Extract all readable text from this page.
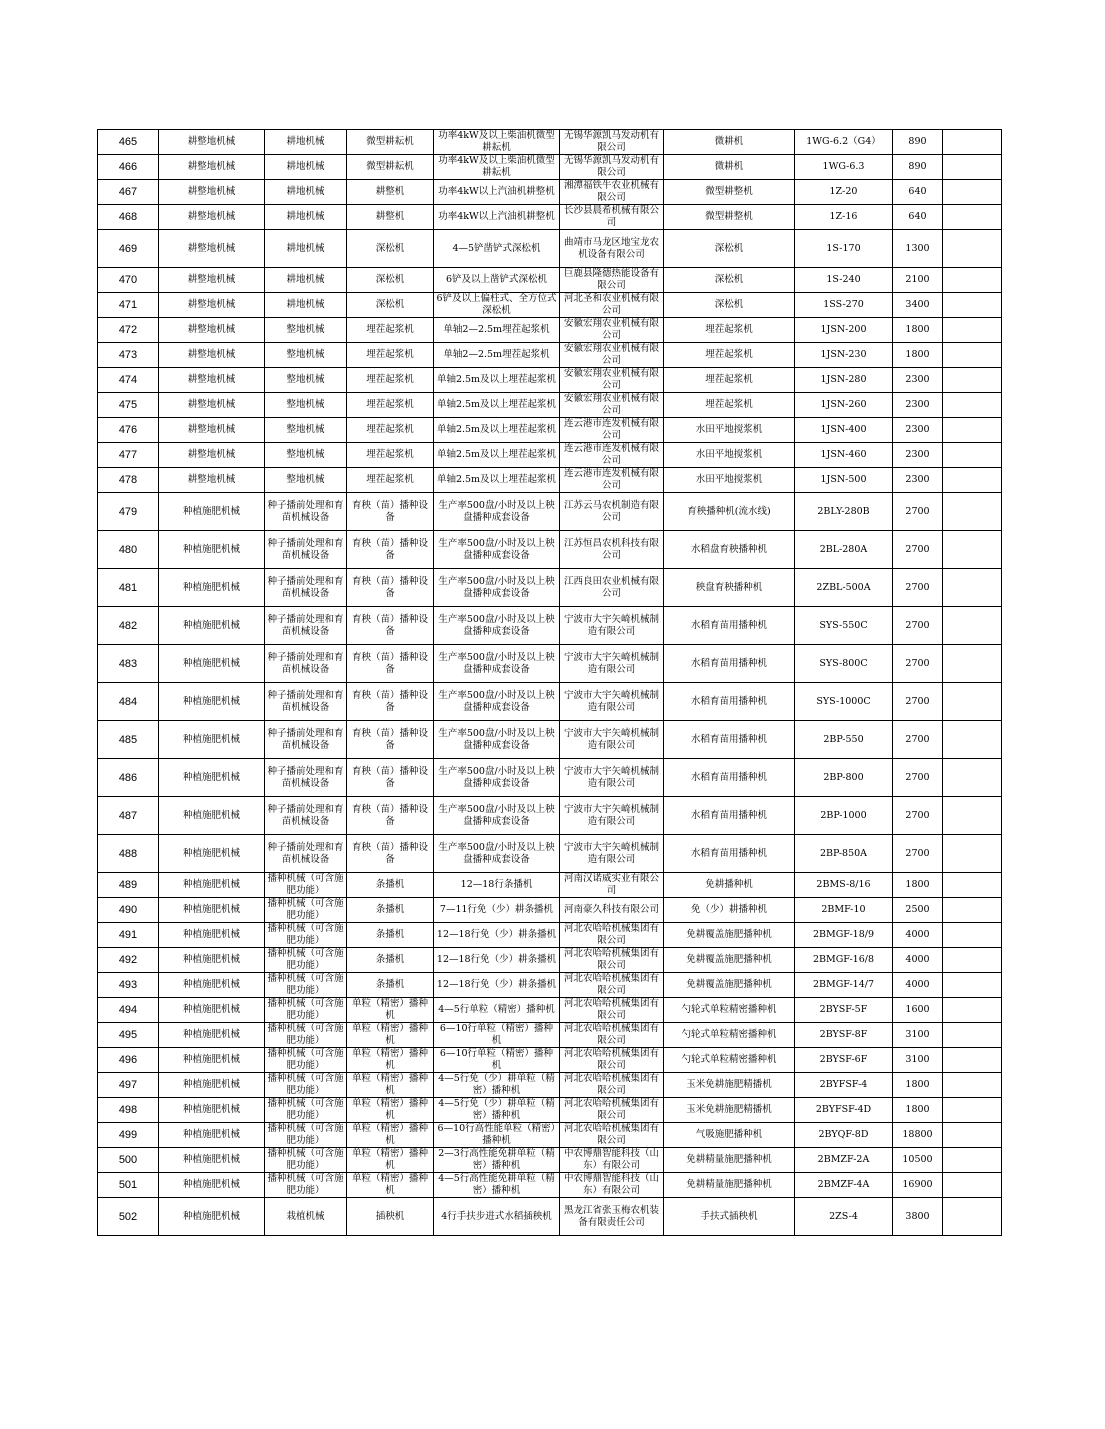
465	耕整地机械	耕地机械	微型耕耘机	功率4kW及以上柴油机微型耕耘机	无锡华源凯马发动机有限公司	微耕机	1WG-6.2（G4）	890	
466	耕整地机械	耕地机械	微型耕耘机	功率4kW及以上柴油机微型耕耘机	无锡华源凯马发动机有限公司	微耕机	1WG-6.3	890	
467	耕整地机械	耕地机械	耕整机	功率4kW以上汽油机耕整机	湘潭福铁牛农业机械有限公司	微型耕整机	1Z-20	640	
468	耕整地机械	耕地机械	耕整机	功率4kW以上汽油机耕整机	长沙县晨希机械有限公司	微型耕整机	1Z-16	640	
469	耕整地机械	耕地机械	深松机	4—5铲凿铲式深松机	曲靖市马龙区地宝龙农机设备有限公司	深松机	1S-170	1300	
470	耕整地机械	耕地机械	深松机	6铲及以上凿铲式深松机	巨鹿县隆德热能设备有限公司	深松机	1S-240	2100	
471	耕整地机械	耕地机械	深松机	6铲及以上偏柱式、全方位式深松机	河北圣和农业机械有限公司	深松机	1SS-270	3400	
472	耕整地机械	整地机械	埋茬起浆机	单轴2—2.5m埋茬起浆机	安徽宏翔农业机械有限公司	埋茬起浆机	1JSN-200	1800	
473	耕整地机械	整地机械	埋茬起浆机	单轴2—2.5m埋茬起浆机	安徽宏翔农业机械有限公司	埋茬起浆机	1JSN-230	1800	
474	耕整地机械	整地机械	埋茬起浆机	单轴2.5m及以上埋茬起浆机	安徽宏翔农业机械有限公司	埋茬起浆机	1JSN-280	2300	
475	耕整地机械	整地机械	埋茬起浆机	单轴2.5m及以上埋茬起浆机	安徽宏翔农业机械有限公司	埋茬起浆机	1JSN-260	2300	
476	耕整地机械	整地机械	埋茬起浆机	单轴2.5m及以上埋茬起浆机	连云港市连发机械有限公司	水田平地搅浆机	1JSN-400	2300	
477	耕整地机械	整地机械	埋茬起浆机	单轴2.5m及以上埋茬起浆机	连云港市连发机械有限公司	水田平地搅浆机	1JSN-460	2300	
478	耕整地机械	整地机械	埋茬起浆机	单轴2.5m及以上埋茬起浆机	连云港市连发机械有限公司	水田平地搅浆机	1JSN-500	2300	
479	种植施肥机械	种子播前处理和育苗机械设备	育秧（苗）播种设备	生产率500盘/小时及以上秧盘播种成套设备	江苏云马农机制造有限公司	育秧播种机(流水线)	2BLY-280B	2700	
480	种植施肥机械	种子播前处理和育苗机械设备	育秧（苗）播种设备	生产率500盘/小时及以上秧盘播种成套设备	江苏恒昌农机科技有限公司	水稻盘育秧播种机	2BL-280A	2700	
481	种植施肥机械	种子播前处理和育苗机械设备	育秧（苗）播种设备	生产率500盘/小时及以上秧盘播种成套设备	江西良田农业机械有限公司	秧盘育秧播种机	2ZBL-500A	2700	
482	种植施肥机械	种子播前处理和育苗机械设备	育秧（苗）播种设备	生产率500盘/小时及以上秧盘播种成套设备	宁波市大宇矢崎机械制造有限公司	水稻育苗用播种机	SYS-550C	2700	
483	种植施肥机械	种子播前处理和育苗机械设备	育秧（苗）播种设备	生产率500盘/小时及以上秧盘播种成套设备	宁波市大宇矢崎机械制造有限公司	水稻育苗用播种机	SYS-800C	2700	
484	种植施肥机械	种子播前处理和育苗机械设备	育秧（苗）播种设备	生产率500盘/小时及以上秧盘播种成套设备	宁波市大宇矢崎机械制造有限公司	水稻育苗用播种机	SYS-1000C	2700	
485	种植施肥机械	种子播前处理和育苗机械设备	育秧（苗）播种设备	生产率500盘/小时及以上秧盘播种成套设备	宁波市大宇矢崎机械制造有限公司	水稻育苗用播种机	2BP-550	2700	
486	种植施肥机械	种子播前处理和育苗机械设备	育秧（苗）播种设备	生产率500盘/小时及以上秧盘播种成套设备	宁波市大宇矢崎机械制造有限公司	水稻育苗用播种机	2BP-800	2700	
487	种植施肥机械	种子播前处理和育苗机械设备	育秧（苗）播种设备	生产率500盘/小时及以上秧盘播种成套设备	宁波市大宇矢崎机械制造有限公司	水稻育苗用播种机	2BP-1000	2700	
488	种植施肥机械	种子播前处理和育苗机械设备	育秧（苗）播种设备	生产率500盘/小时及以上秧盘播种成套设备	宁波市大宇矢崎机械制造有限公司	水稻育苗用播种机	2BP-850A	2700	
489	种植施肥机械	播种机械（可含施肥功能）	条播机	12—18行条播机	河南汉诺威实业有限公司	免耕播种机	2BMS-8/16	1800	
490	种植施肥机械	播种机械（可含施肥功能）	条播机	7—11行免（少）耕条播机	河南豪久科技有限公司	免（少）耕播种机	2BMF-10	2500	
491	种植施肥机械	播种机械（可含施肥功能）	条播机	12—18行免（少）耕条播机	河北农哈哈机械集团有限公司	免耕覆盖施肥播种机	2BMGF-18/9	4000	
492	种植施肥机械	播种机械（可含施肥功能）	条播机	12—18行免（少）耕条播机	河北农哈哈机械集团有限公司	免耕覆盖施肥播种机	2BMGF-16/8	4000	
493	种植施肥机械	播种机械（可含施肥功能）	条播机	12—18行免（少）耕条播机	河北农哈哈机械集团有限公司	免耕覆盖施肥播种机	2BMGF-14/7	4000	
494	种植施肥机械	播种机械（可含施肥功能）	单粒（精密）播种机	4—5行单粒（精密）播种机	河北农哈哈机械集团有限公司	勺轮式单粒精密播种机	2BYSF-5F	1600	
495	种植施肥机械	播种机械（可含施肥功能）	单粒（精密）播种机	6—10行单粒（精密）播种机	河北农哈哈机械集团有限公司	勺轮式单粒精密播种机	2BYSF-8F	3100	
496	种植施肥机械	播种机械（可含施肥功能）	单粒（精密）播种机	6—10行单粒（精密）播种机	河北农哈哈机械集团有限公司	勺轮式单粒精密播种机	2BYSF-6F	3100	
497	种植施肥机械	播种机械（可含施肥功能）	单粒（精密）播种机	4—5行免（少）耕单粒（精密）播种机	河北农哈哈机械集团有限公司	玉米免耕施肥精播机	2BYFSF-4	1800	
498	种植施肥机械	播种机械（可含施肥功能）	单粒（精密）播种机	4—5行免（少）耕单粒（精密）播种机	河北农哈哈机械集团有限公司	玉米免耕施肥精播机	2BYFSF-4D	1800	
499	种植施肥机械	播种机械（可含施肥功能）	单粒（精密）播种机	6—10行高性能单粒（精密）播种机	河北农哈哈机械集团有限公司	气吸施肥播种机	2BYQF-8D	18800	
500	种植施肥机械	播种机械（可含施肥功能）	单粒（精密）播种机	2—3行高性能免耕单粒（精密）播种机	中农博鼎智能科技（山东）有限公司	免耕精量施肥播种机	2BMZF-2A	10500	
501	种植施肥机械	播种机械（可含施肥功能）	单粒（精密）播种机	4—5行高性能免耕单粒（精密）播种机	中农博鼎智能科技（山东）有限公司	免耕精量施肥播种机	2BMZF-4A	16900	
502	种植施肥机械	栽植机械	插秧机	4行手扶步进式水稻插秧机	黑龙江省张玉梅农机装备有限责任公司	手扶式插秧机	2ZS-4	3800	
